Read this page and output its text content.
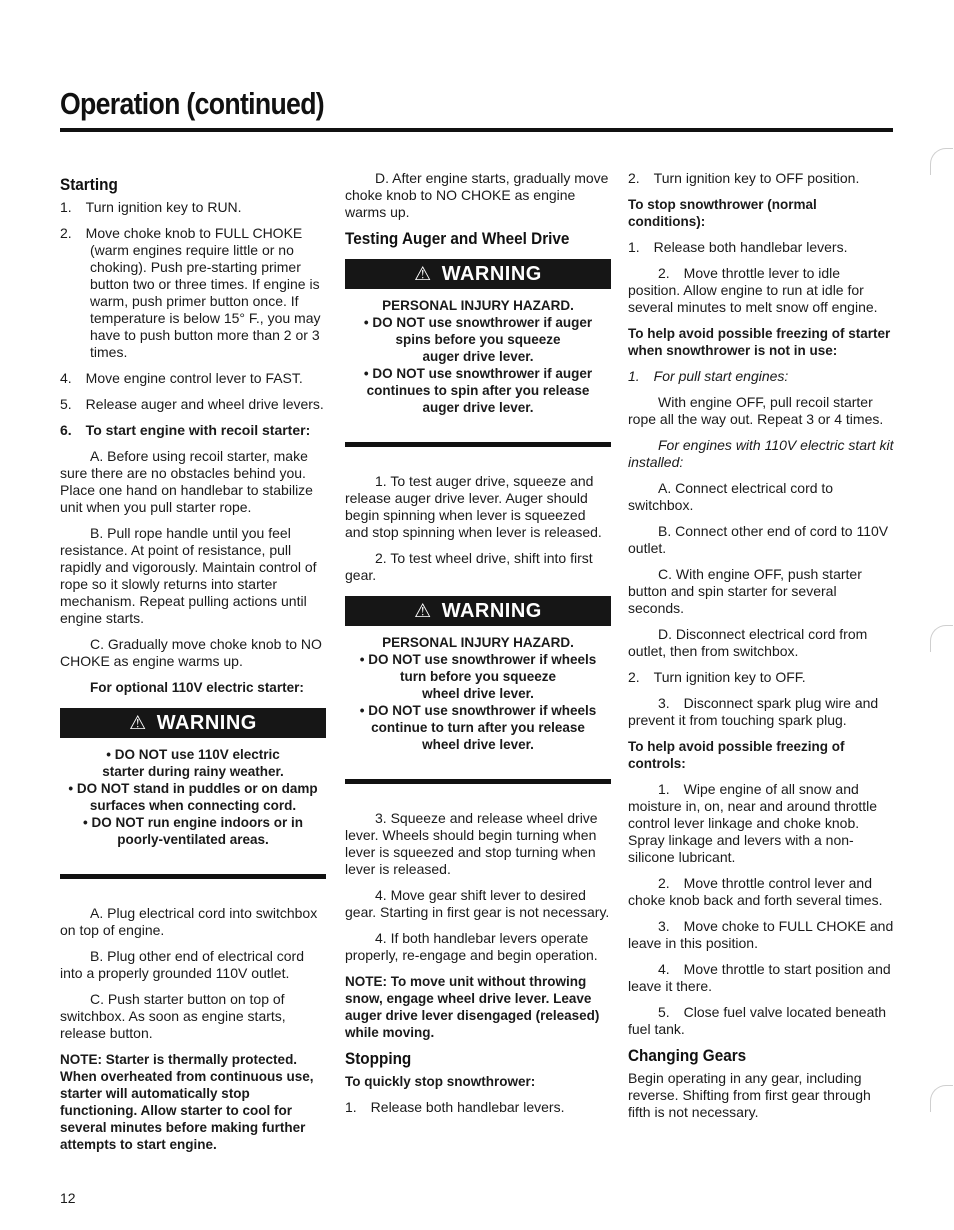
Operation (continued)
Starting

1. Turn ignition key to RUN.

2. Move choke knob to FULL CHOKE (warm engines require little or no choking). Push pre-starting primer button two or three times. If engine is warm, push primer button once. If temperature is below 15° F., you may have to push button more than 2 or 3 times.

4. Move engine control lever to FAST.

5. Release auger and wheel drive levers.

6. To start engine with recoil starter:

A. Before using recoil starter, make sure there are no obstacles behind you. Place one hand on handlebar to stabilize unit when you pull starter rope.

B. Pull rope handle until you feel resistance. At point of resistance, pull rapidly and vigorously. Maintain control of rope so it slowly returns into starter mechanism. Repeat pulling actions until engine starts.

C. Gradually move choke knob to NO CHOKE as engine warms up.

For optional 110V electric starter:

⚠ WARNING
• DO NOT use 110V electric
starter during rainy weather.
• DO NOT stand in puddles or on damp
surfaces when connecting cord.
• DO NOT run engine indoors or in
poorly-ventilated areas.

A. Plug electrical cord into switchbox on top of engine.

B. Plug other end of electrical cord into a properly grounded 110V outlet.

C. Push starter button on top of switchbox. As soon as engine starts, release button.

NOTE: Starter is thermally protected. When overheated from continuous use, starter will automatically stop functioning. Allow starter to cool for several minutes before making further attempts to start engine.

D. After engine starts, gradually move choke knob to NO CHOKE as engine warms up.

Testing Auger and Wheel Drive
⚠ WARNING
PERSONAL INJURY HAZARD.
• DO NOT use snowthrower if auger
spins before you squeeze
auger drive lever.
• DO NOT use snowthrower if auger
continues to spin after you release
auger drive lever.

1. To test auger drive, squeeze and release auger drive lever. Auger should begin spinning when lever is squeezed and stop spinning when lever is released.

2. To test wheel drive, shift into first gear.

⚠ WARNING
PERSONAL INJURY HAZARD.
• DO NOT use snowthrower if wheels
turn before you squeeze
wheel drive lever.
• DO NOT use snowthrower if wheels
continue to turn after you release
wheel drive lever.

3. Squeeze and release wheel drive lever. Wheels should begin turning when lever is squeezed and stop turning when lever is released.

4. Move gear shift lever to desired gear. Starting in first gear is not necessary.

4. If both handlebar levers operate properly, re-engage and begin operation.

NOTE: To move unit without throwing snow, engage wheel drive lever. Leave auger drive lever disengaged (released) while moving.

Stopping

To quickly stop snowthrower:

1. Release both handlebar levers.

2. Turn ignition key to OFF position.

To stop snowthrower (normal conditions):

1. Release both handlebar levers.

2. Move throttle lever to idle position. Allow engine to run at idle for several minutes to melt snow off engine.

To help avoid possible freezing of starter when snowthrower is not in use:

1. For pull start engines:

With engine OFF, pull recoil starter rope all the way out. Repeat 3 or 4 times.

For engines with 110V electric start kit installed:

A. Connect electrical cord to switchbox.

B. Connect other end of cord to 110V outlet.

C. With engine OFF, push starter button and spin starter for several seconds.

D. Disconnect electrical cord from outlet, then from switchbox.

2. Turn ignition key to OFF.

3. Disconnect spark plug wire and prevent it from touching spark plug.

To help avoid possible freezing of controls:

1. Wipe engine of all snow and moisture in, on, near and around throttle control lever linkage and choke knob. Spray linkage and levers with a non-silicone lubricant.

2. Move throttle control lever and choke knob back and forth several times.

3. Move choke to FULL CHOKE and leave in this position.

4. Move throttle to start position and leave it there.

5. Close fuel valve located beneath fuel tank.

Changing Gears

Begin operating in any gear, including reverse. Shifting from first gear through fifth is not necessary.

12
